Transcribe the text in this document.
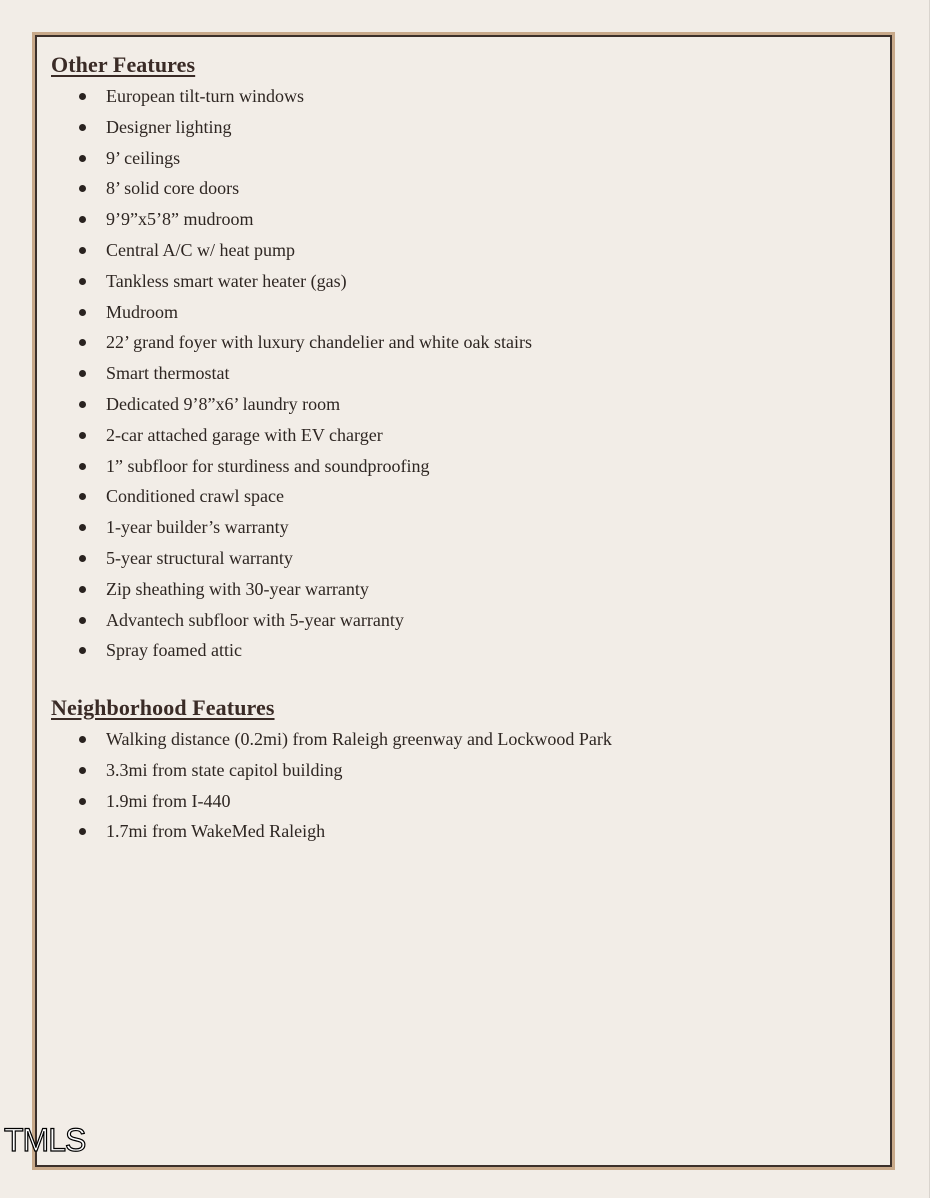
Other Features
European tilt-turn windows
Designer lighting
9’ ceilings
8’ solid core doors
9’9”x5’8” mudroom
Central A/C w/ heat pump
Tankless smart water heater (gas)
Mudroom
22’ grand foyer with luxury chandelier and white oak stairs
Smart thermostat
Dedicated 9’8”x6’ laundry room
2-car attached garage with EV charger
1” subfloor for sturdiness and soundproofing
Conditioned crawl space
1-year builder’s warranty
5-year structural warranty
Zip sheathing with 30-year warranty
Advantech subfloor with 5-year warranty
Spray foamed attic
Neighborhood Features
Walking distance (0.2mi) from Raleigh greenway and Lockwood Park
3.3mi from state capitol building
1.9mi from I-440
1.7mi from WakeMed Raleigh
TMLS
